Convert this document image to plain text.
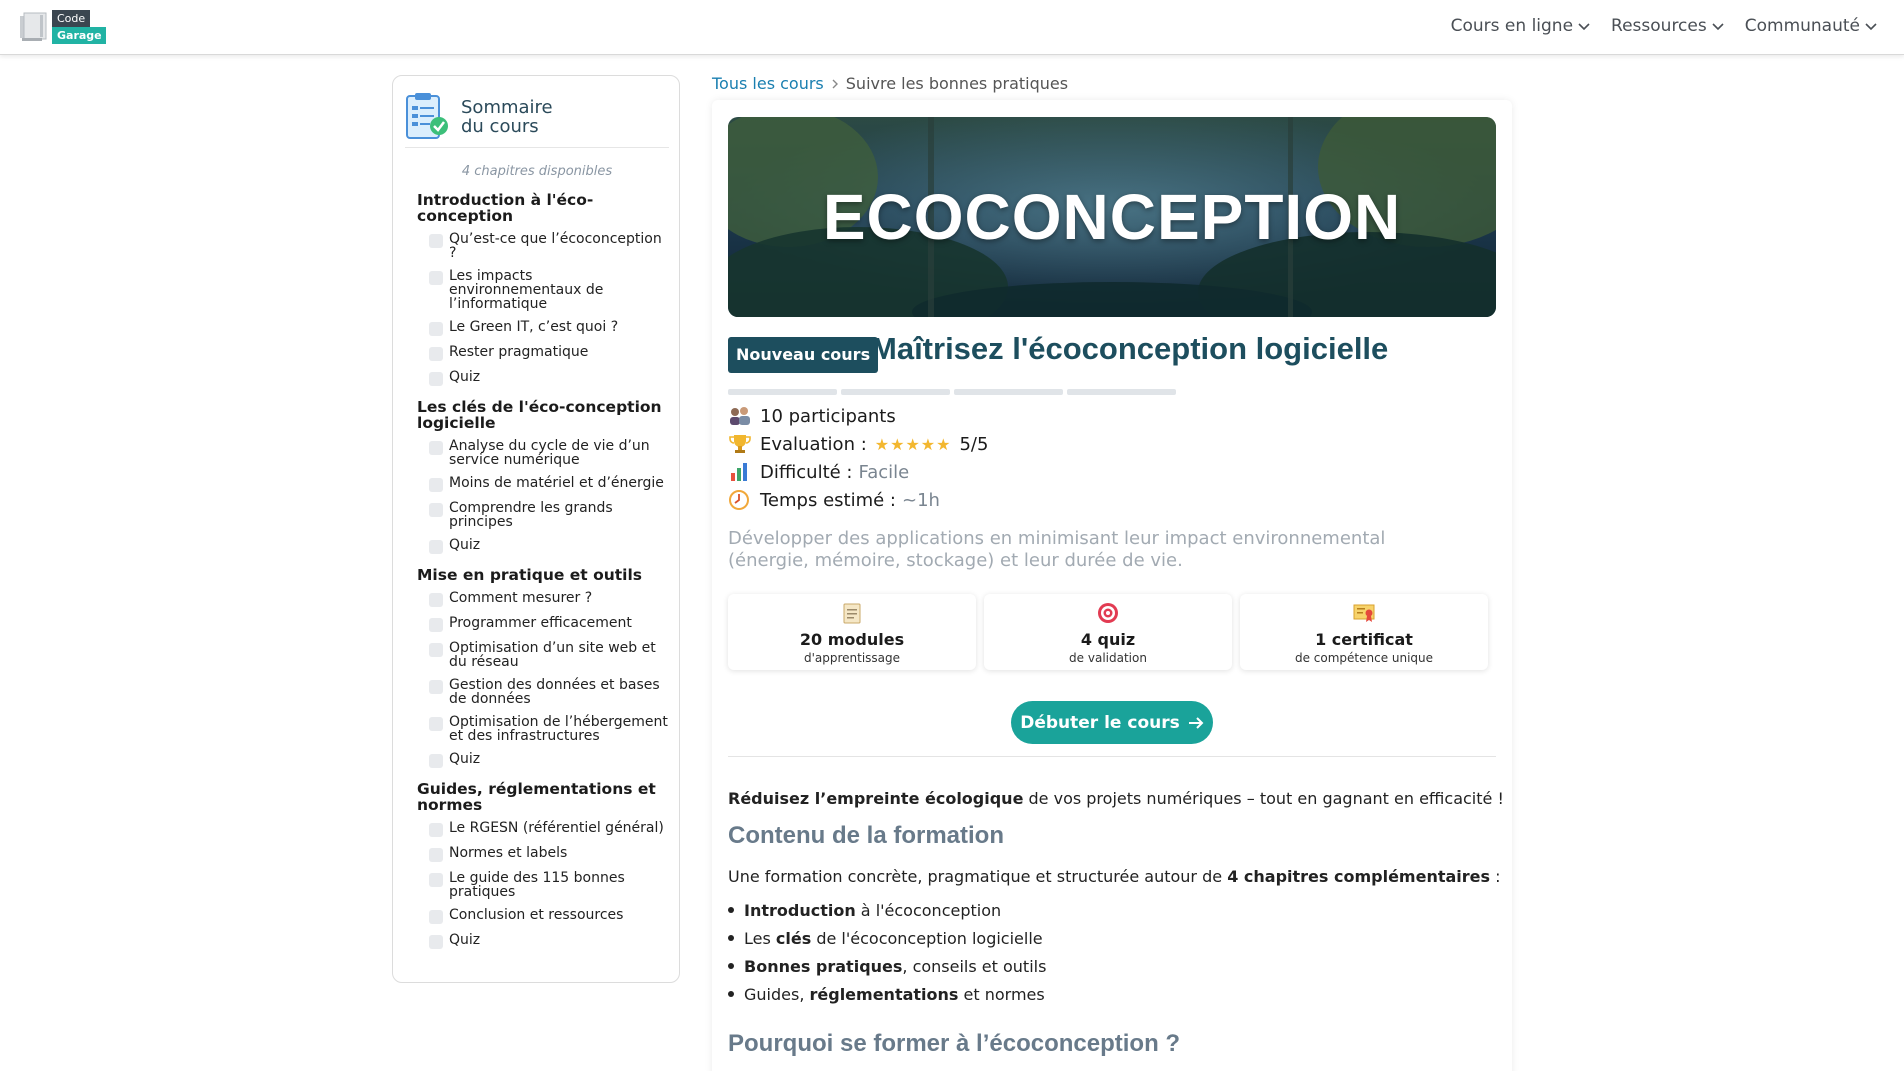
Code
Garage	Cours en ligne Ressources Communauté
Sommaire du cours
4 chapitres disponibles
Introduction à l'éco-conception
Qu’est-ce que l’écoconception ?
Les impacts environnementaux de l’informatique
Le Green IT, c’est quoi ?
Rester pragmatique
Quiz
Les clés de l'éco-conception logicielle
Analyse du cycle de vie d’un service numérique
Moins de matériel et d’énergie
Comprendre les grands principes
Quiz
Mise en pratique et outils
Comment mesurer ?
Programmer efficacement
Optimisation d’un site web et du réseau
Gestion des données et bases de données
Optimisation de l’hébergement et des infrastructures
Quiz
Guides, réglementations et normes
Le RGESN (référentiel général)
Normes et labels
Le guide des 115 bonnes pratiques
Conclusion et ressources
Quiz
Tous les cours Suivre les bonnes pratiques
ECOCONCEPTION
Nouveau cours Maîtrisez l'écoconception logicielle
10 participants
Evaluation : ★★★★★ 5/5
Difficulté : Facile
Temps estimé : ~1h
Développer des applications en minimisant leur impact environnemental (énergie, mémoire, stockage) et leur durée de vie.
20 modules
d'apprentissage
4 quiz
de validation
1 certificat
de compétence unique
Débuter le cours
Réduisez l’empreinte écologique de vos projets numériques – tout en gagnant en efficacité !
Contenu de la formation
Une formation concrète, pragmatique et structurée autour de 4 chapitres complémentaires :
Introduction à l'écoconception
Les clés de l'écoconception logicielle
Bonnes pratiques , conseils et outils
Guides, réglementations et normes
Pourquoi se former à l’écoconception ?
